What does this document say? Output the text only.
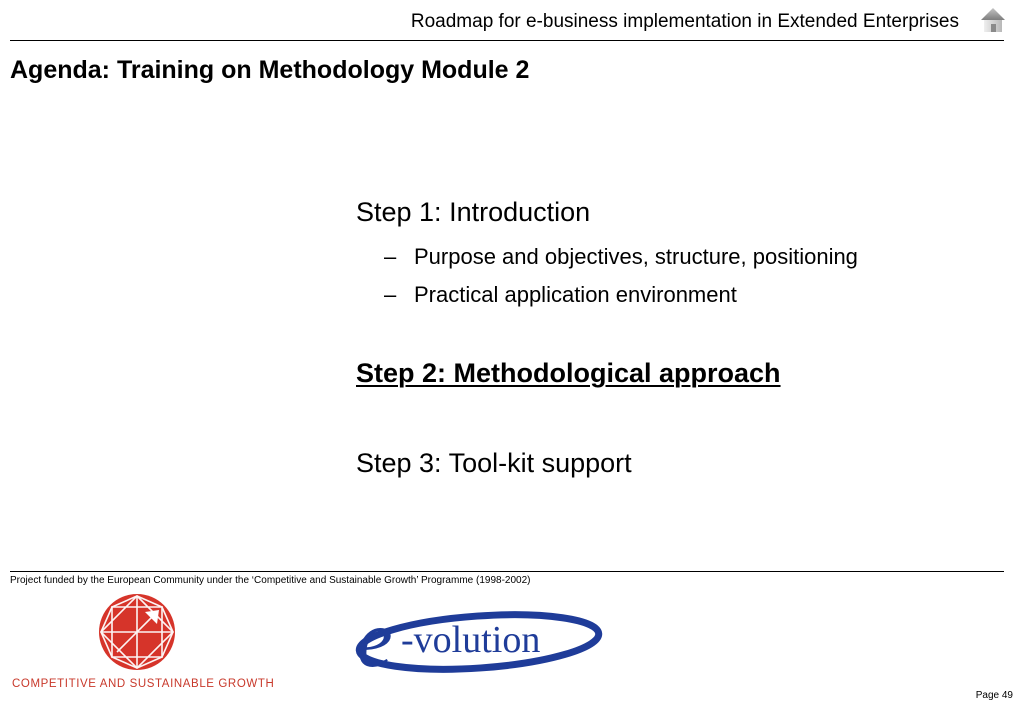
Roadmap for e-business implementation in Extended Enterprises
Agenda: Training on Methodology Module 2
Step 1: Introduction
– Purpose and objectives, structure, positioning
– Practical application environment
Step 2: Methodological approach
Step 3: Tool-kit support
Project funded by the European Community under the ‘Competitive and Sustainable Growth’ Programme (1998-2002)
COMPETITIVE AND SUSTAINABLE GROWTH e -volution
Page 49
